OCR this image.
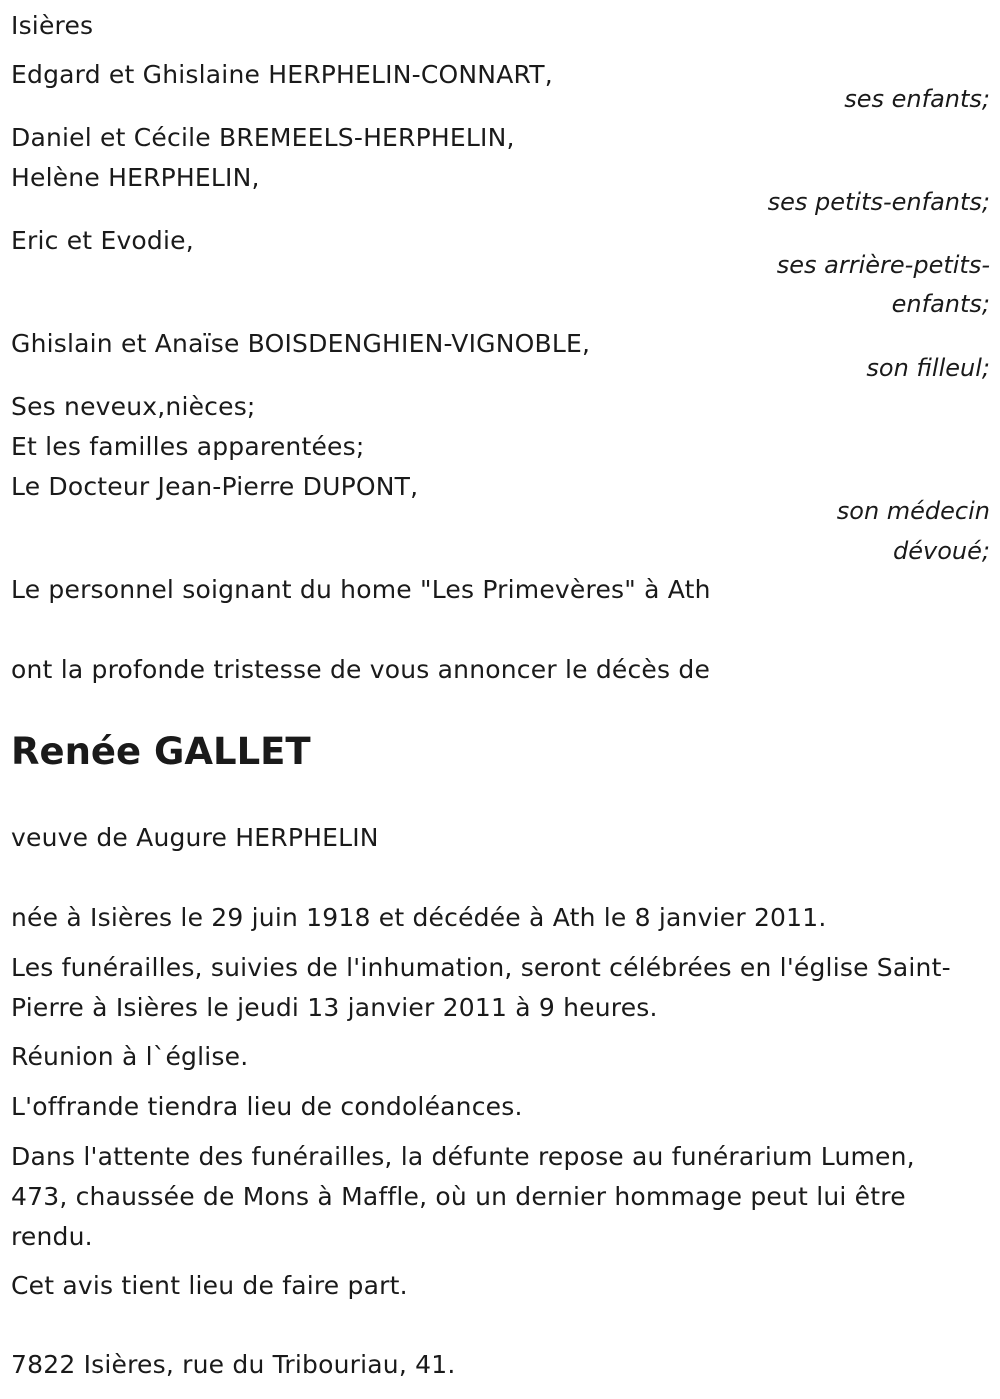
Isières
Edgard et Ghislaine HERPHELIN-CONNART,
ses enfants;
Daniel et Cécile BREMEELS-HERPHELIN,
Helène HERPHELIN,
ses petits-enfants;
Eric et Evodie,
ses arrière-petits-
enfants;
Ghislain et Anaïse BOISDENGHIEN-VIGNOBLE,
son filleul;
Ses neveux,nièces;
Et les familles apparentées;
Le Docteur Jean-Pierre DUPONT,
son médecin
dévoué;
Le personnel soignant du home "Les Primevères" à Ath
ont la profonde tristesse de vous annoncer le décès de
Renée GALLET
veuve de Augure HERPHELIN
née à Isières le 29 juin 1918 et décédée à Ath le 8 janvier 2011.
Les funérailles, suivies de l'inhumation, seront célébrées en l'église Saint-
Pierre à Isières le jeudi 13 janvier 2011 à 9 heures.
Réunion à l`église.
L'offrande tiendra lieu de condoléances.
Dans l'attente des funérailles, la défunte repose au funérarium Lumen,
473, chaussée de Mons à Maffle, où un dernier hommage peut lui être
rendu.
Cet avis tient lieu de faire part.
7822 Isières, rue du Tribouriau, 41.
